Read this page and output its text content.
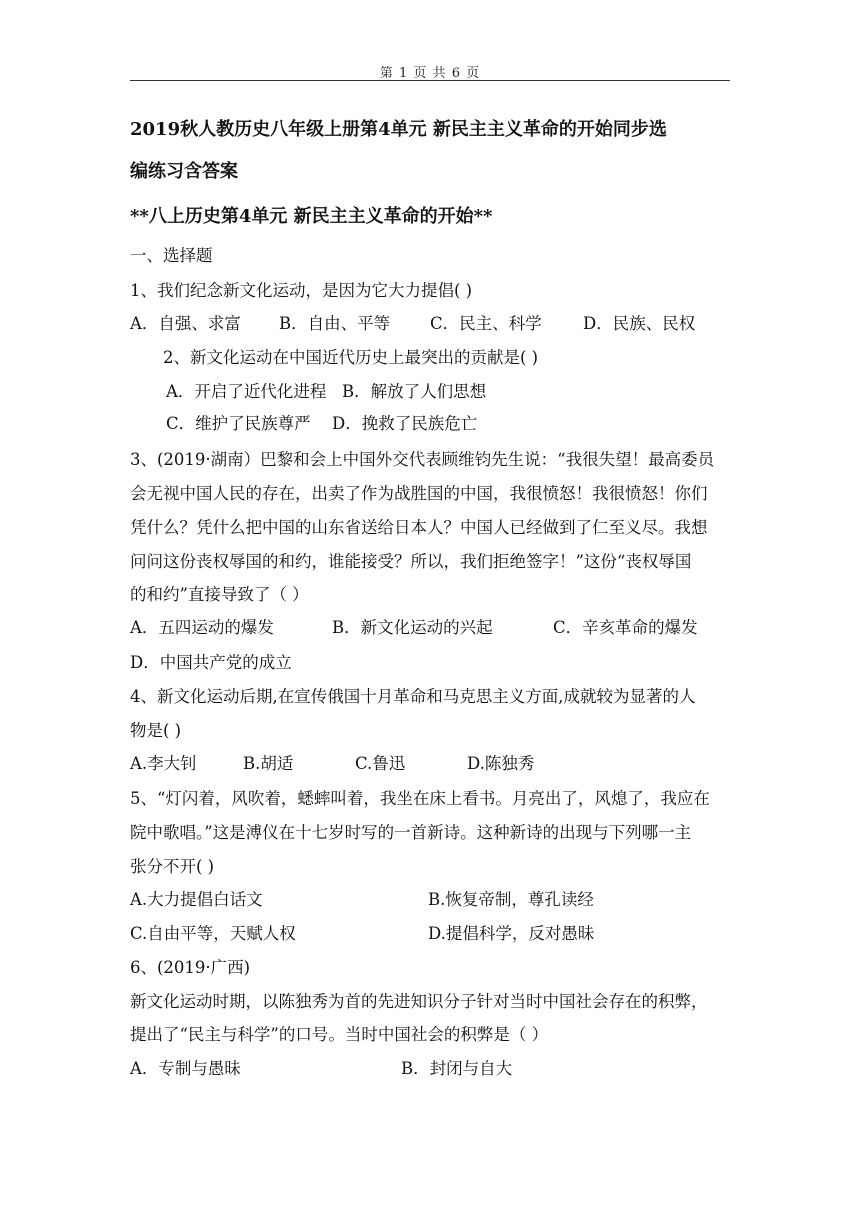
第 1 页 共 6 页
2019秋人教历史八年级上册第4单元 新民主主义革命的开始同步选
编练习含答案
**八上历史第4单元 新民主主义革命的开始**
一、选择题
1、我们纪念新文化运动，是因为它大力提倡( )
A．自强、求富 B．自由、平等 C．民主、科学	D．民族、民权
2、新文化运动在中国近代历史上最突出的贡献是( )
A．开启了近代化进程 B．解放了人们思想
C．维护了民族尊严 D．挽救了民族危亡
3、(2019·湖南）巴黎和会上中国外交代表顾维钧先生说：“我很失望！最高委员
会无视中国人民的存在，出卖了作为战胜国的中国，我很愤怒！我很愤怒！你们
凭什么？凭什么把中国的山东省送给日本人？中国人已经做到了仁至义尽。我想
问问这份丧权辱国的和约，谁能接受？所以，我们拒绝签字！”这份“丧权辱国
的和约”直接导致了（ ）
A．五四运动的爆发	B．新文化运动的兴起	C．辛亥革命的爆发
D．中国共产党的成立
4、新文化运动后期,在宣传俄国十月革命和马克思主义方面,成就较为显著的人
物是( )
A.李大钊	B.胡适	C.鲁迅	D.陈独秀
5、“灯闪着，风吹着，蟋蟀叫着，我坐在床上看书。月亮出了，风熄了，我应在
院中歌唱。”这是溥仪在十七岁时写的一首新诗。这种新诗的出现与下列哪一主
张分不开( )
A.大力提倡白话文	B.恢复帝制，尊孔读经
C.自由平等，天赋人权	D.提倡科学，反对愚昧
6、(2019·广西)
新文化运动时期，以陈独秀为首的先进知识分子针对当时中国社会存在的积弊，
提出了“民主与科学”的口号。当时中国社会的积弊是（ ）
A．专制与愚昧	B．封闭与自大
